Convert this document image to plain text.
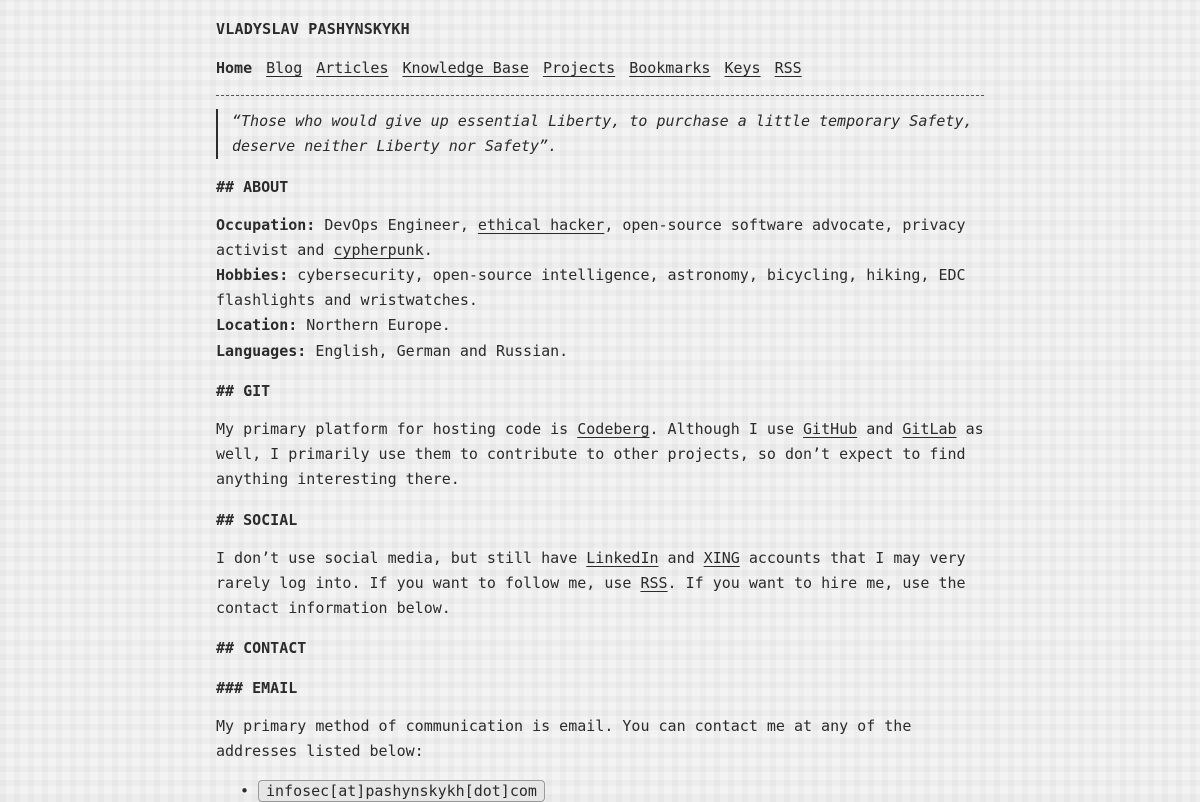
VLADYSLAV PASHYNSKYKH
Home Blog Articles Knowledge Base Projects Bookmarks Keys RSS
“Those who would give up essential Liberty, to purchase a little temporary Safety, deserve neither Liberty nor Safety”.
## ABOUT
Occupation: DevOps Engineer, ethical hacker, open-source software advocate, privacy activist and cypherpunk.
Hobbies: cybersecurity, open-source intelligence, astronomy, bicycling, hiking, EDC flashlights and wristwatches.
Location: Northern Europe.
Languages: English, German and Russian.
## GIT
My primary platform for hosting code is Codeberg. Although I use GitHub and GitLab as well, I primarily use them to contribute to other projects, so don’t expect to find anything interesting there.
## SOCIAL
I don’t use social media, but still have LinkedIn and XING accounts that I may very rarely log into. If you want to follow me, use RSS. If you want to hire me, use the contact information below.
## CONTACT
### EMAIL
My primary method of communication is email. You can contact me at any of the addresses listed below:
• infosec[at]pashynskykh[dot]com
